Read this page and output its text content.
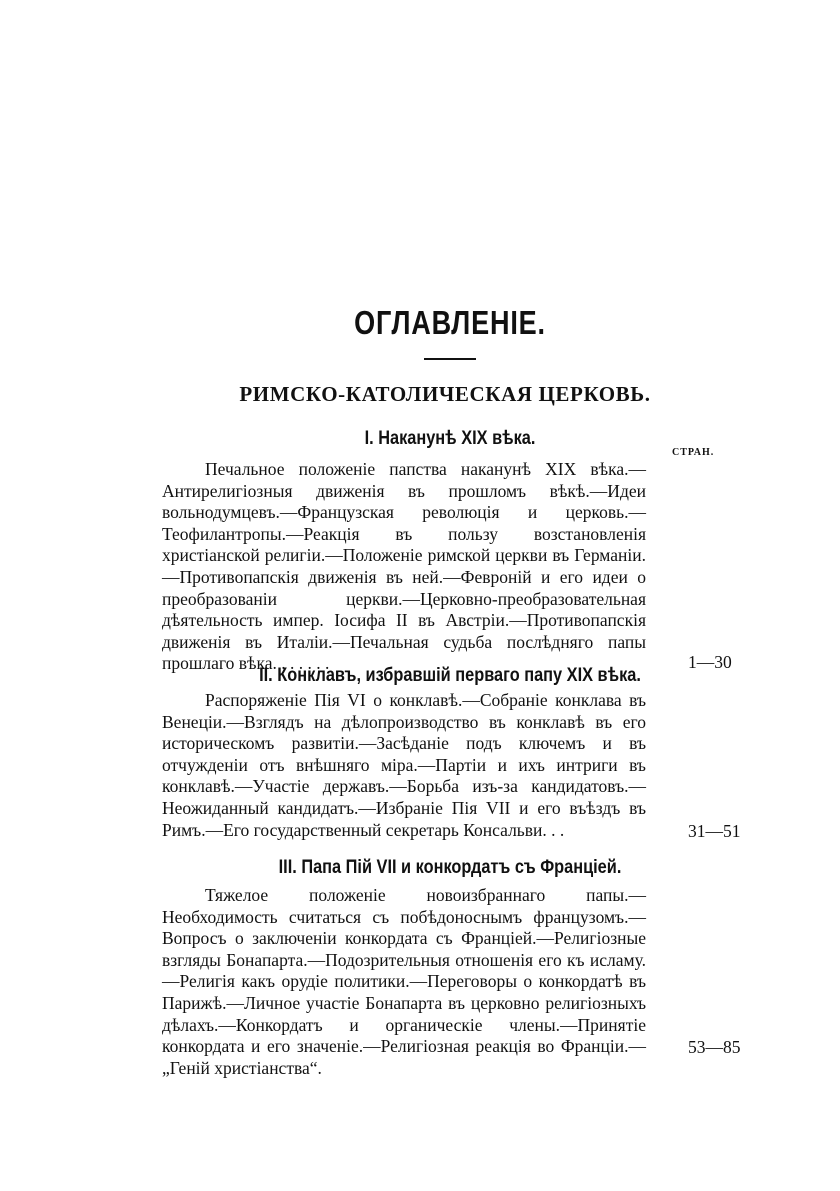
ОГЛАВЛЕНІЕ.
РИМСКО-КАТОЛИЧЕСКАЯ ЦЕРКОВЬ.
I. Наканунѣ XIX вѣка.
СТРАН.
Печальное положеніе папства наканунѣ XIX вѣка.—Антирелигіозныя движенія въ прошломъ вѣкѣ.—Идеи вольнодумцевъ.—Французская революція и церковь.—Теофилантропы.—Реакція въ пользу возстановленія христіанской религіи.—Положеніе римской церкви въ Германіи.—Противопапскія движенія въ ней.—Февроній и его идеи о преобразованіи церкви.—Церковно-преобразовательная дѣятельность импер. Іосифа II въ Австріи.—Противопапскія движенія въ Италіи.—Печальная судьба послѣдняго папы прошлаго вѣка. . . . . . .	1—30
II. Конклавъ, избравшій перваго папу XIX вѣка.
Распоряженіе Пія VI о конклавѣ.—Собраніе конклава въ Венеціи.—Взглядъ на дѣлопроизводство въ конклавѣ въ его историческомъ развитіи.—Засѣданіе подъ ключемъ и въ отчужденіи отъ внѣшняго міра.—Партіи и ихъ интриги въ конклавѣ.—Участіе державъ.—Борьба изъ-за кандидатовъ.—Неожиданный кандидатъ.—Избраніе Пія VII и его въѣздъ въ Римъ.—Его государственный секретарь Консальви. . .	31—51
III. Папа Пій VII и конкордатъ съ Франціей.
Тяжелое положеніе новоизбраннаго папы.—Необходимость считаться съ побѣдоноснымъ французомъ.—Вопросъ о заключеніи конкордата съ Франціей.—Религіозные взгляды Бонапарта.—Подозрительныя отношенія его къ исламу.—Религія какъ орудіе политики.—Переговоры о конкордатѣ въ Парижѣ.—Личное участіе Бонапарта въ церковно религіозныхъ дѣлахъ.—Конкордатъ и органическіе члены.—Принятіе конкордата и его значеніе.—Религіозная реакція во Франціи.—„Геній христіанства“.
53—85
